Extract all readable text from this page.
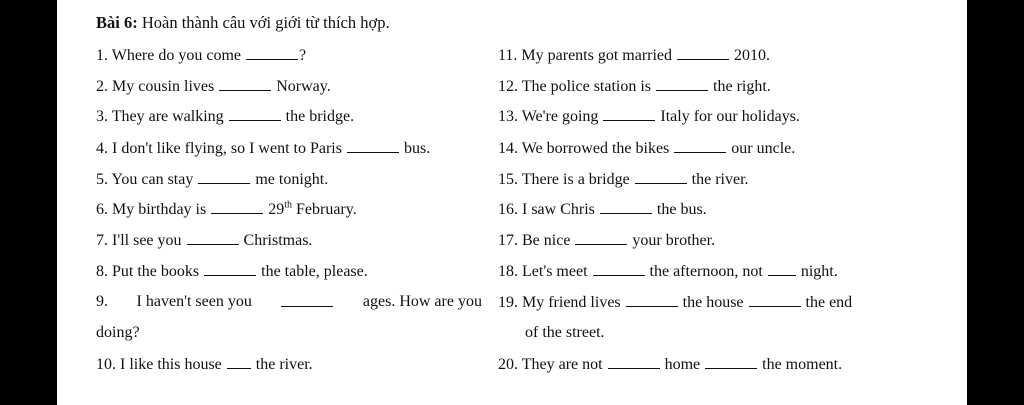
Bài 6: Hoàn thành câu với giới từ thích hợp.
1. Where do you come	?
2. My cousin lives	Norway.
3. They are walking	the bridge.
4. I don't like flying, so I went to Paris	bus.
5. You can stay	me tonight.
6. My birthday is	29th February.
7. I'll see you	Christmas.
8. Put the books	the table, please.
9. I haven't seen you	ages. How are you
doing?
10. I like this house the river.
11. My parents got married	2010.
12. The police station is	the right.
13. We're going	Italy for our holidays.
14. We borrowed the bikes	our uncle.
15. There is a bridge	the river.
16. I saw Chris	the bus.
17. Be nice	your brother.
18. Let's meet	the afternoon, not night.
19. My friend lives	the house	the end
of the street.
20. They are not	home	the moment.
